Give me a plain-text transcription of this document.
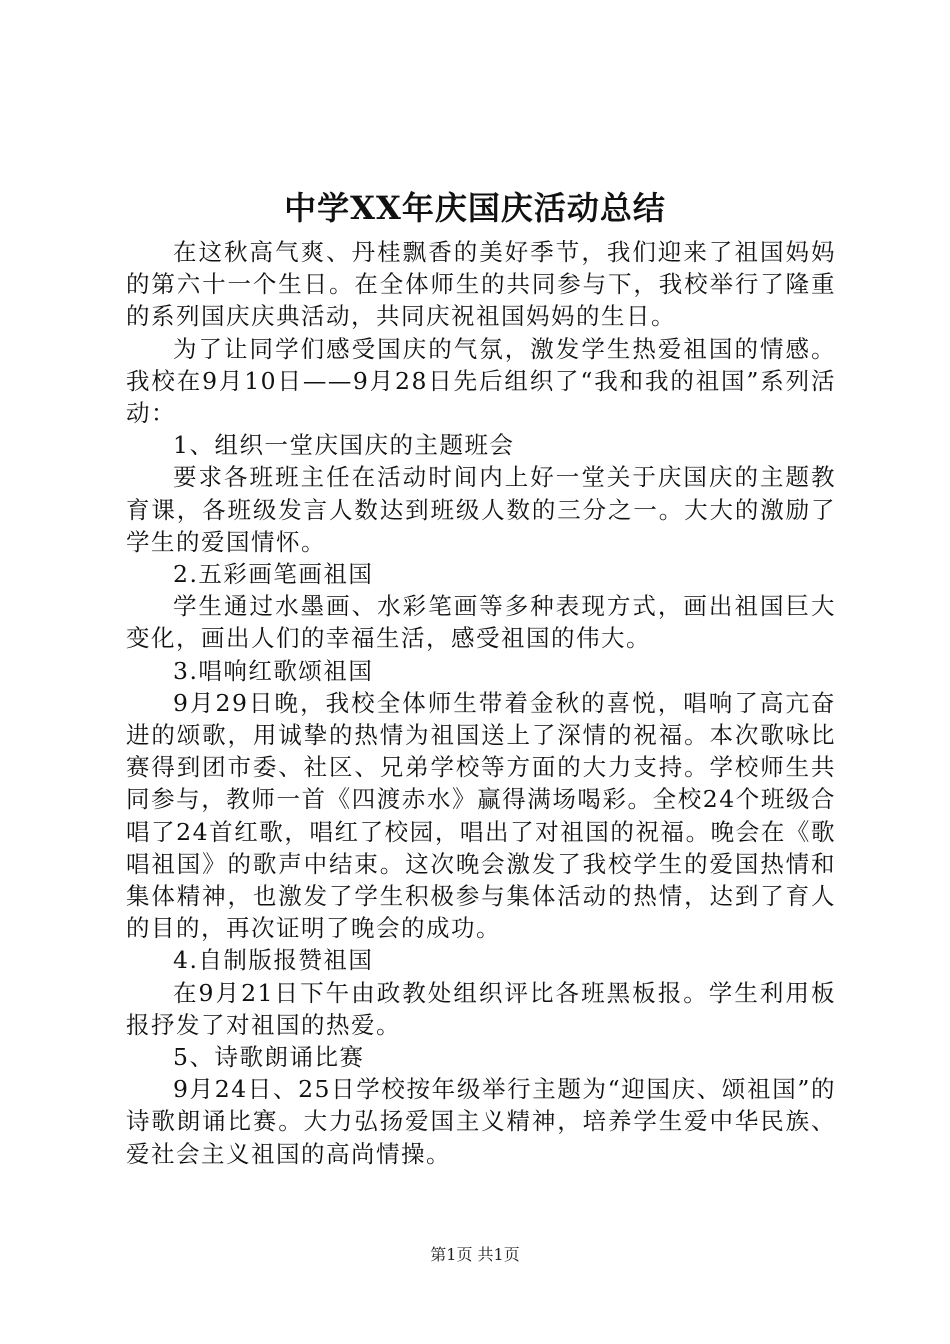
中学XX年庆国庆活动总结

在这秋高气爽、丹桂飘香的美好季节，我们迎来了祖国妈妈的第六十一个生日。在全体师生的共同参与下，我校举行了隆重的系列国庆庆典活动，共同庆祝祖国妈妈的生日。

为了让同学们感受国庆的气氛，激发学生热爱祖国的情感。我校在9月10日——9月28日先后组织了“我和我的祖国”系列活动：

1、组织一堂庆国庆的主题班会

要求各班班主任在活动时间内上好一堂关于庆国庆的主题教育课，各班级发言人数达到班级人数的三分之一。大大的激励了学生的爱国情怀。

2.五彩画笔画祖国

学生通过水墨画、水彩笔画等多种表现方式，画出祖国巨大变化，画出人们的幸福生活，感受祖国的伟大。

3.唱响红歌颂祖国

9月29日晚，我校全体师生带着金秋的喜悦，唱响了高亢奋进的颂歌，用诚挚的热情为祖国送上了深情的祝福。本次歌咏比赛得到团市委、社区、兄弟学校等方面的大力支持。学校师生共同参与，教师一首《四渡赤水》赢得满场喝彩。全校24个班级合唱了24首红歌，唱红了校园，唱出了对祖国的祝福。晚会在《歌唱祖国》的歌声中结束。这次晚会激发了我校学生的爱国热情和集体精神，也激发了学生积极参与集体活动的热情，达到了育人的目的，再次证明了晚会的成功。

4.自制版报赞祖国

在9月21日下午由政教处组织评比各班黑板报。学生利用板报抒发了对祖国的热爱。

5、诗歌朗诵比赛

9月24日、25日学校按年级举行主题为“迎国庆、颂祖国”的诗歌朗诵比赛。大力弘扬爱国主义精神，培养学生爱中华民族、爱社会主义祖国的高尚情操。

第1页 共1页
